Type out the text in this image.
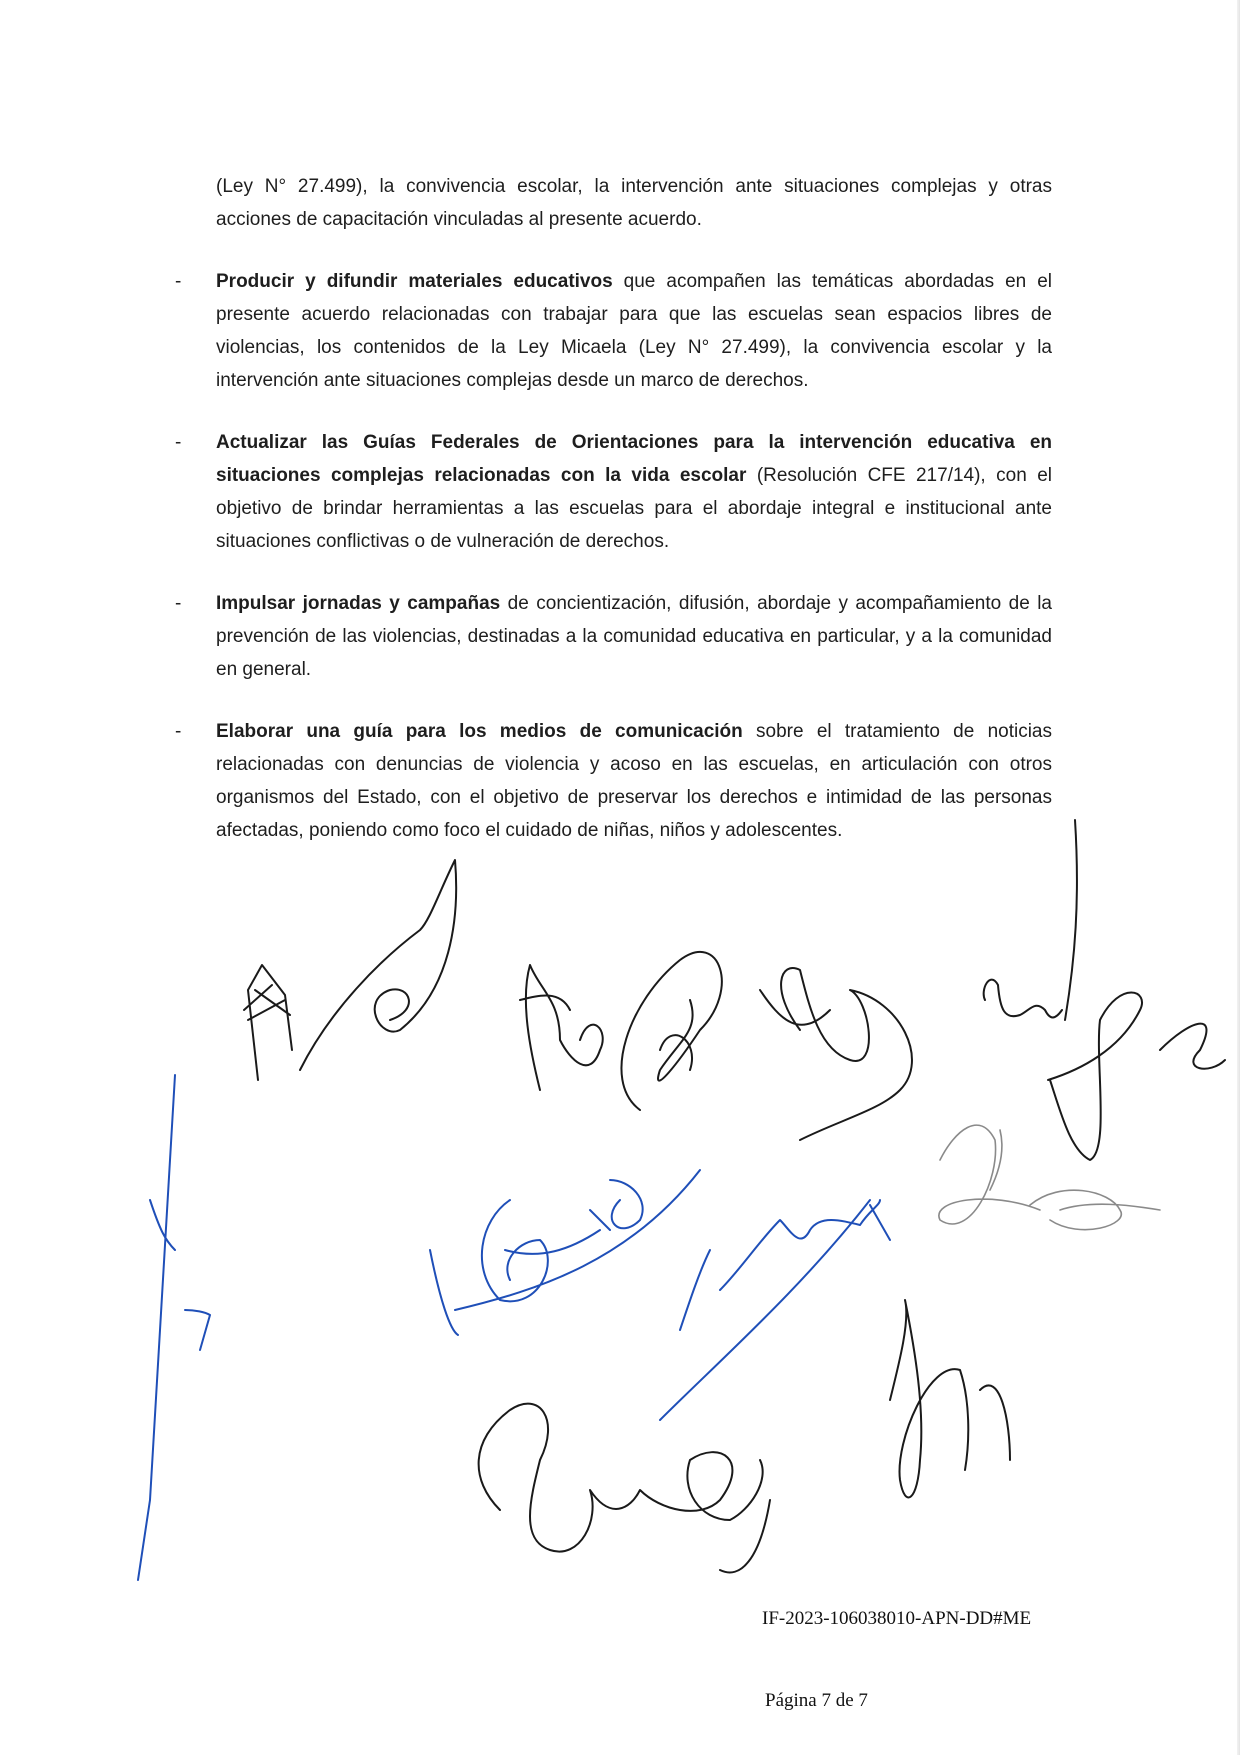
(Ley N° 27.499), la convivencia escolar, la intervención ante situaciones complejas y otras acciones de capacitación vinculadas al presente acuerdo.

-	Producir y difundir materiales educativos que acompañen las temáticas abordadas en el presente acuerdo relacionadas con trabajar para que las escuelas sean espacios libres de violencias, los contenidos de la Ley Micaela (Ley N° 27.499), la convivencia escolar y la intervención ante situaciones complejas desde un marco de derechos.
-	Actualizar las Guías Federales de Orientaciones para la intervención educativa en situaciones complejas relacionadas con la vida escolar (Resolución CFE 217/14), con el objetivo de brindar herramientas a las escuelas para el abordaje integral e institucional ante situaciones conflictivas o de vulneración de derechos.
-	Impulsar jornadas y campañas de concientización, difusión, abordaje y acompañamiento de la prevención de las violencias, destinadas a la comunidad educativa en particular, y a la comunidad en general.
-	Elaborar una guía para los medios de comunicación sobre el tratamiento de noticias relacionadas con denuncias de violencia y acoso en las escuelas, en articulación con otros organismos del Estado, con el objetivo de preservar los derechos e intimidad de las personas afectadas, poniendo como foco el cuidado de niñas, niños y adolescentes.
IF-2023-106038010-APN-DD#ME
Página 7 de 7
